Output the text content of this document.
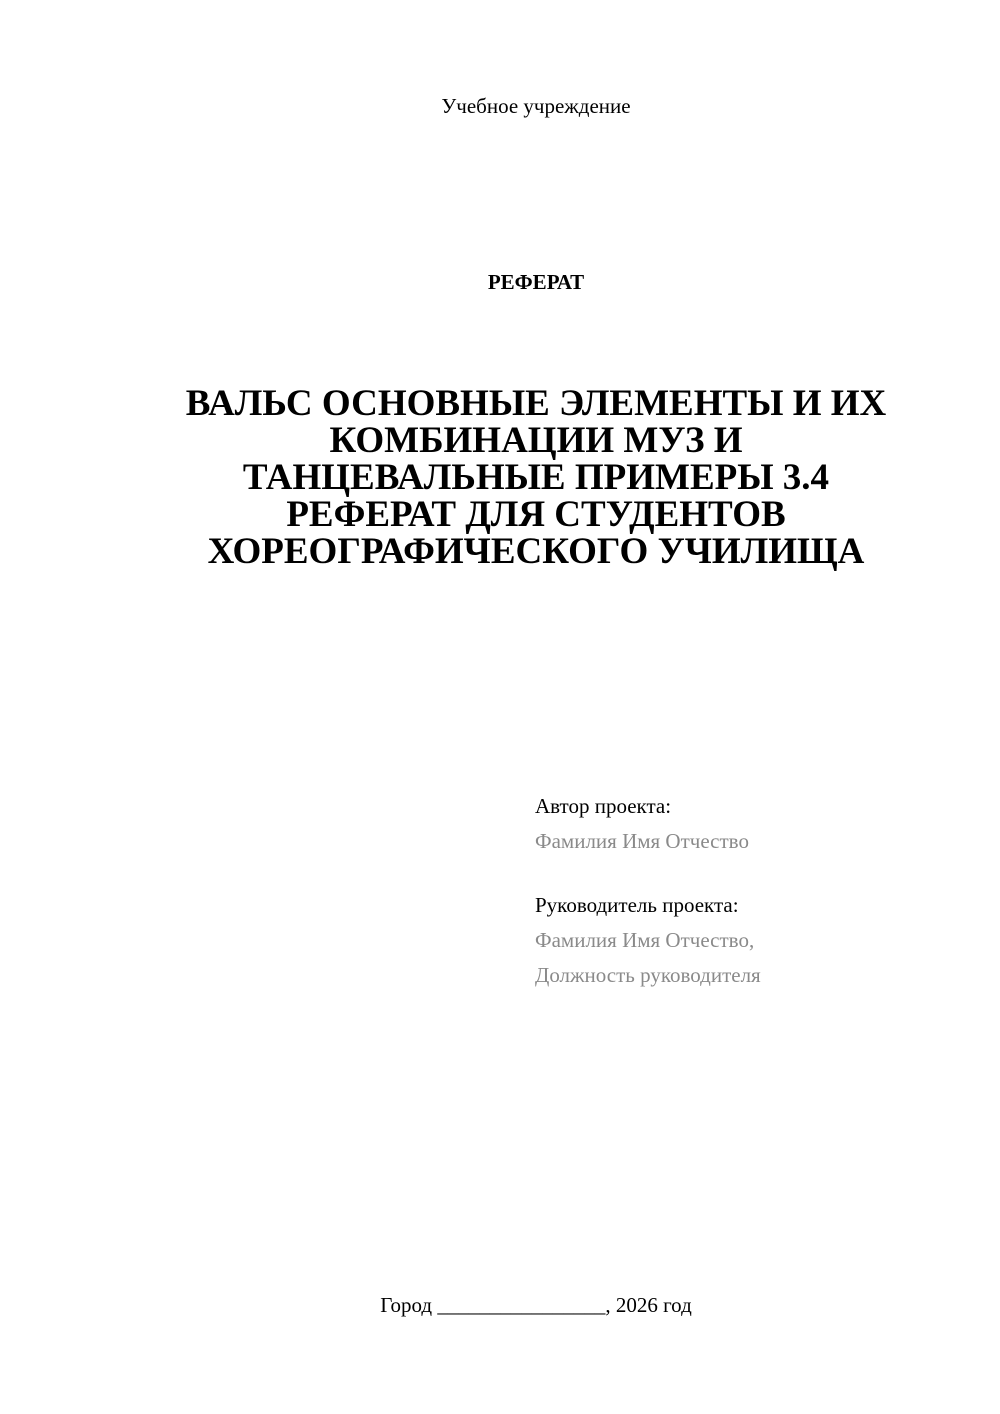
Учебное учреждение
РЕФЕРАТ
ВАЛЬС ОСНОВНЫЕ ЭЛЕМЕНТЫ И ИХ
КОМБИНАЦИИ МУЗ И
ТАНЦЕВАЛЬНЫЕ ПРИМЕРЫ 3.4
РЕФЕРАТ ДЛЯ СТУДЕНТОВ
ХОРЕОГРАФИЧЕСКОГО УЧИЛИЩА
Автор проекта:
Фамилия Имя Отчество
Руководитель проекта:
Фамилия Имя Отчество,
Должность руководителя
Город ________________, 2026 год
